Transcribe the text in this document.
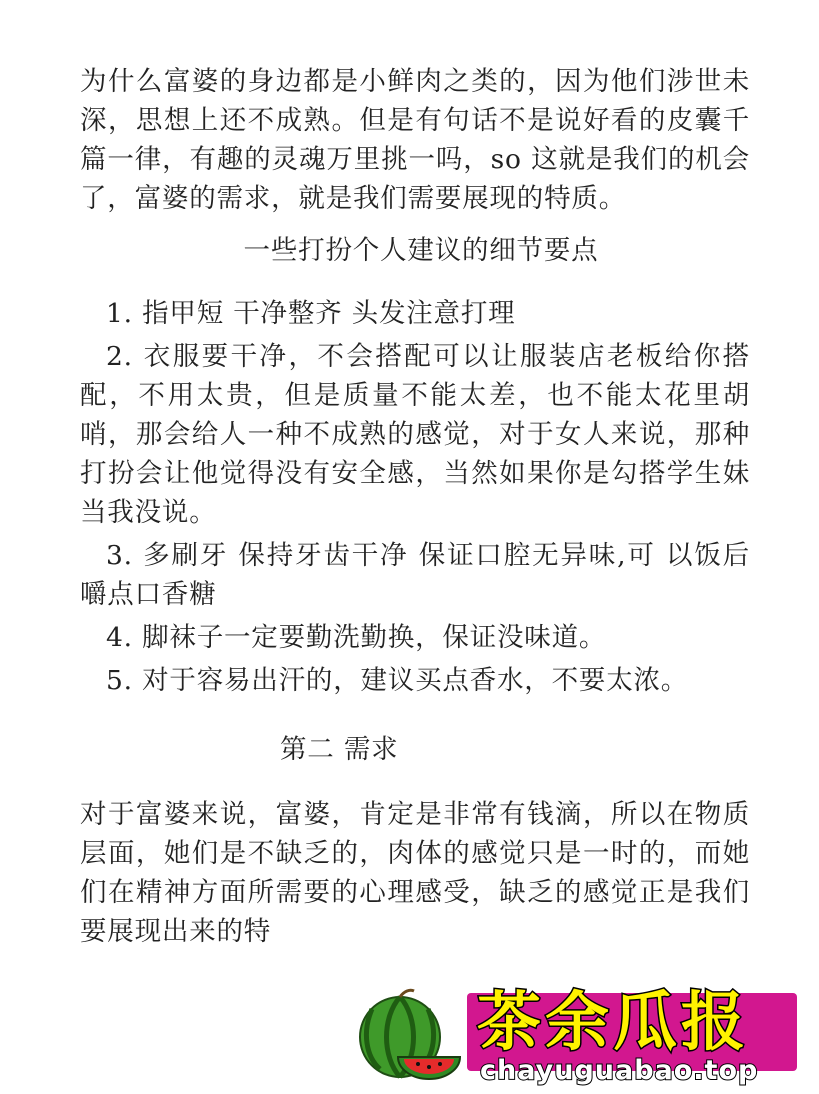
为什么富婆的身边都是小鲜肉之类的，因为他们涉世未深，思想上还不成熟。但是有句话不是说好看的皮囊千篇一律，有趣的灵魂万里挑一吗，so 这就是我们的机会了，富婆的需求，就是我们需要展现的特质。

一些打扮个人建议的细节要点

1. 指甲短 干净整齐 头发注意打理

2. 衣服要干净，不会搭配可以让服装店老板给你搭配，不用太贵，但是质量不能太差，也不能太花里胡哨，那会给人一种不成熟的感觉，对于女人来说，那种打扮会让他觉得没有安全感，当然如果你是勾搭学生妹当我没说。

3. 多刷牙 保持牙齿干净 保证口腔无异味,可 以饭后嚼点口香糖

4. 脚袜子一定要勤洗勤换，保证没味道。

5. 对于容易出汗的，建议买点香水，不要太浓。

第二 需求

对于富婆来说，富婆，肯定是非常有钱滴，所以在物质层面，她们是不缺乏的，肉体的感觉只是一时的，而她们在精神方面所需要的心理感受，缺乏的感觉正是我们要展现出来的特

茶余瓜报
chayuguabao.top
